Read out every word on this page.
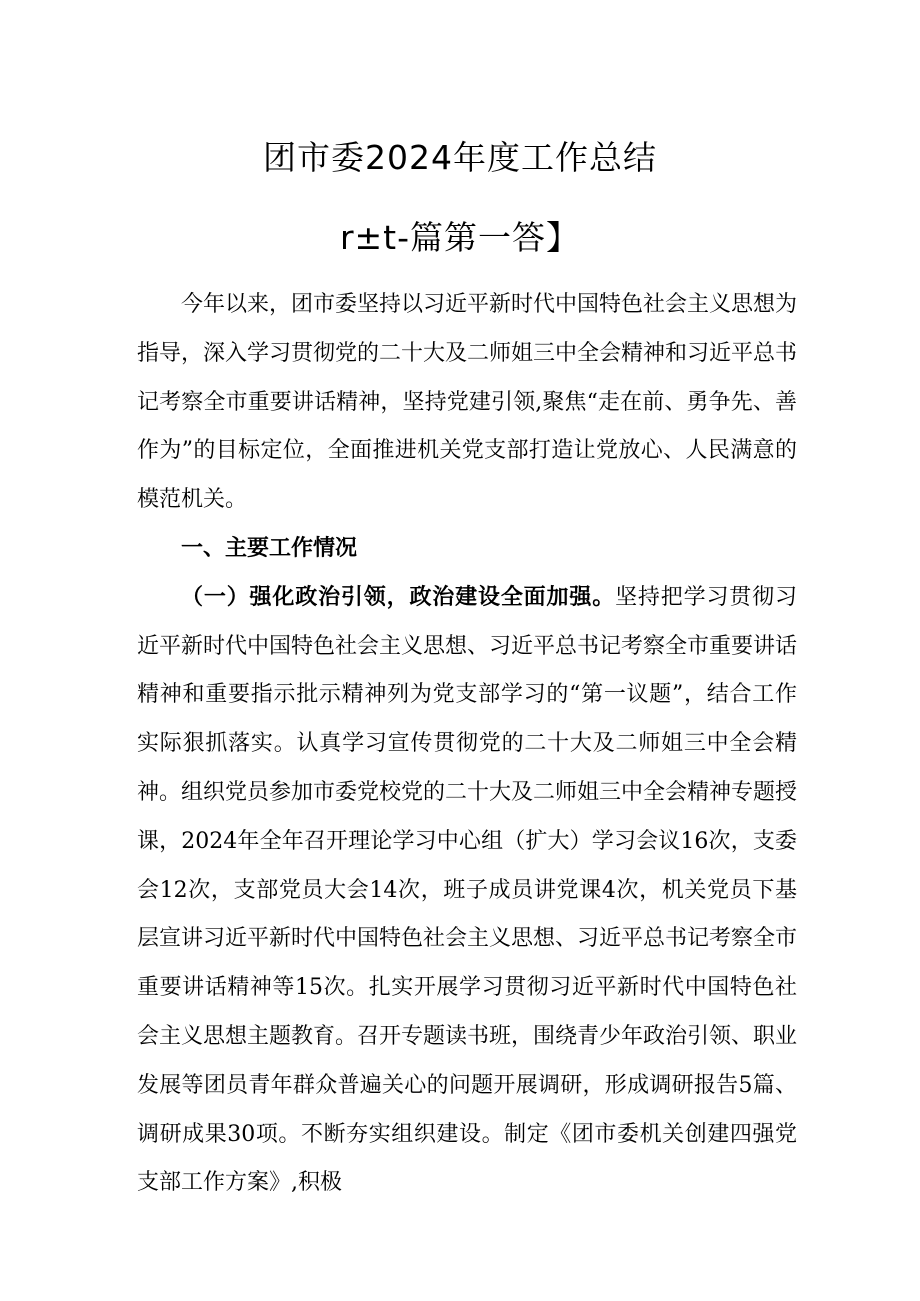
团市委2024年度工作总结
r±t-篇第一答】

今年以来，团市委坚持以习近平新时代中国特色社会主义思想为指导，深入学习贯彻党的二十大及二师姐三中全会精神和习近平总书记考察全市重要讲话精神，坚持党建引领,聚焦“走在前、勇争先、善作为”的目标定位，全面推进机关党支部打造让党放心、人民满意的模范机关。

一、主要工作情况

（一）强化政治引领，政治建设全面加强。坚持把学习贯彻习近平新时代中国特色社会主义思想、习近平总书记考察全市重要讲话精神和重要指示批示精神列为党支部学习的“第一议题”，结合工作实际狠抓落实。认真学习宣传贯彻党的二十大及二师姐三中全会精神。组织党员参加市委党校党的二十大及二师姐三中全会精神专题授课，2024年全年召开理论学习中心组（扩大）学习会议16次，支委会12次，支部党员大会14次，班子成员讲党课4次，机关党员下基层宣讲习近平新时代中国特色社会主义思想、习近平总书记考察全市重要讲话精神等15次。扎实开展学习贯彻习近平新时代中国特色社会主义思想主题教育。召开专题读书班，围绕青少年政治引领、职业发展等团员青年群众普遍关心的问题开展调研，形成调研报告5篇、调研成果30项。不断夯实组织建设。制定《团市委机关创建四强党支部工作方案》,积极
